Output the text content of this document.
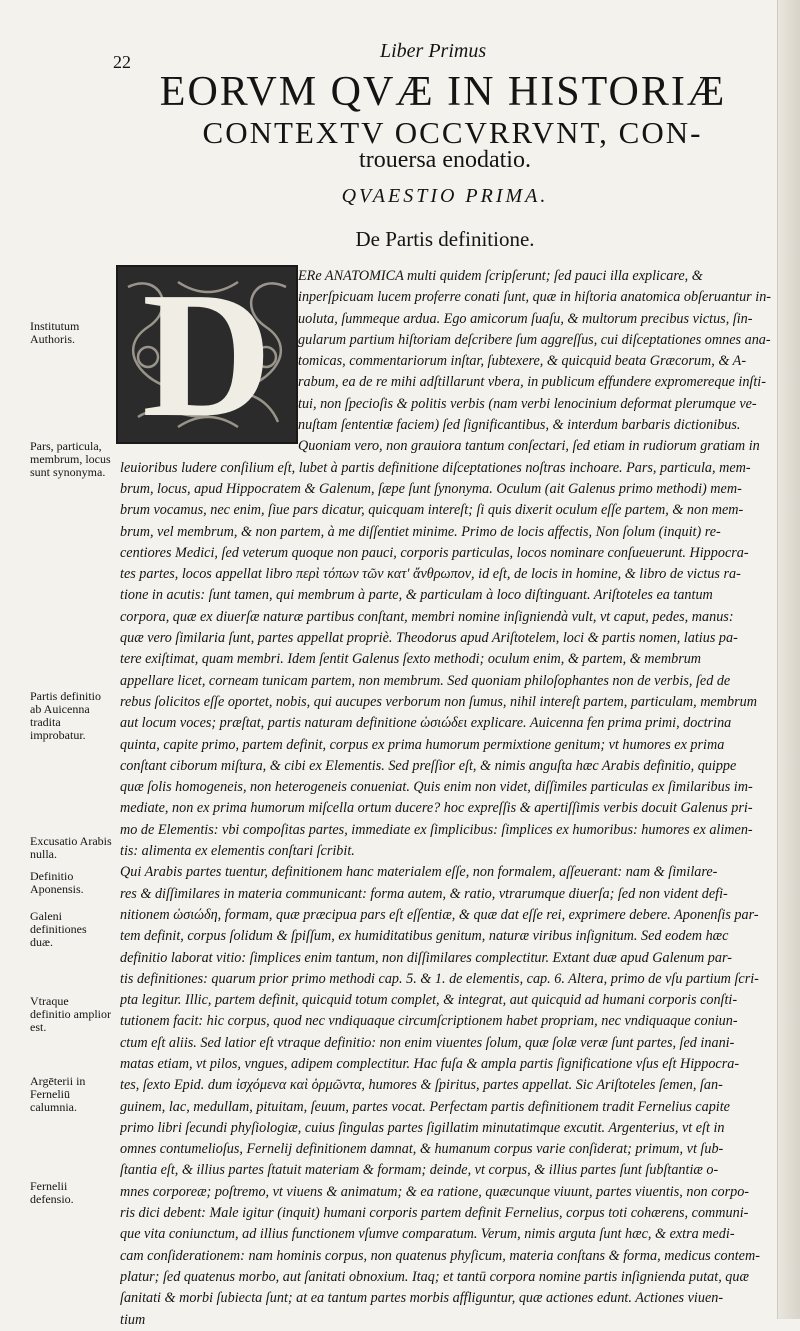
22	Liber Primus
EORVM QVÆ IN HISTORIÆ
CONTEXTV OCCVRRVNT, CON-
trouersa enodatio.
QVAESTIO PRIMA.
De Partis definitione.
D	ERe ANATOMICA multi quidem ſcripſerunt; ſed pauci illa explicare, &
inperſpicuam lucem proferre conati ſunt, quæ in hiſtoria anatomica obſeruantur in-
uoluta, ſummeque ardua. Ego amicorum ſuaſu, & multorum precibus victus, ſin-
gularum partium hiſtoriam deſcribere ſum aggreſſus, cui diſceptationes omnes ana-
tomicas, commentariorum inſtar, ſubtexere, & quicquid beata Græcorum, & A-
rabum, ea de re mihi adſtillarunt vbera, in publicum effundere expromereque inſti-
tui, non ſpecioſis & politis verbis (nam verbi lenocinium deformat plerumque ve-
nuſtam ſententiæ faciem) ſed ſignificantibus, & interdum barbaris dictionibus.
Quoniam vero, non grauiora tantum conſectari, ſed etiam in rudiorum gratiam in
leuioribus ludere conſilium eſt, lubet à partis definitione diſceptationes noſtras inchoare. Pars, particula, mem-
brum, locus, apud Hippocratem & Galenum, ſæpe ſunt ſynonyma. Oculum (ait Galenus primo methodi) mem-
brum vocamus, nec enim, ſiue pars dicatur, quicquam intereſt; ſi quis dixerit oculum eſſe partem, & non mem-
brum, vel membrum, & non partem, à me diſſentiet minime. Primo de locis affectis, Non ſolum (inquit) re-
centiores Medici, ſed veterum quoque non pauci, corporis particulas, locos nominare conſueuerunt. Hippocra-
tes partes, locos appellat libro περὶ τόπων τῶν κατ' ἄνθρωπον, id eſt, de locis in homine, & libro de victus ra-
tione in acutis: ſunt tamen, qui membrum à parte, & particulam à loco diſtinguant. Ariſtoteles ea tantum
corpora, quæ ex diuerſæ naturæ partibus conſtant, membri nomine inſigniendà vult, vt caput, pedes, manus:
quæ vero ſimilaria ſunt, partes appellat propriè. Theodorus apud Ariſtotelem, loci & partis nomen, latius pa-
tere exiſtimat, quam membri. Idem ſentit Galenus ſexto methodi; oculum enim, & partem, & membrum
appellare licet, corneam tunicam partem, non membrum. Sed quoniam philoſophantes non de verbis, ſed de
rebus ſolicitos eſſe oportet, nobis, qui aucupes verborum non ſumus, nihil intereſt partem, particulam, membrum
aut locum voces; præſtat, partis naturam definitione ὡσιώδει explicare. Auicenna fen prima primi, doctrina
quinta, capite primo, partem definit, corpus ex prima humorum permixtione genitum; vt humores ex prima
conſtant ciborum miſtura, & cibi ex Elementis. Sed preſſior eſt, & nimis anguſta hæc Arabis definitio, quippe
quæ ſolis homogeneis, non heterogeneis conueniat. Quis enim non videt, diſſimiles particulas ex ſimilaribus im-
mediate, non ex prima humorum miſcella ortum ducere? hoc expreſſis & apertiſſimis verbis docuit Galenus pri-
mo de Elementis: vbi compoſitas partes, immediate ex ſimplicibus: ſimplices ex humoribus: humores ex alimen-
tis: alimenta ex elementis conſtari ſcribit.
Qui Arabis partes tuentur, definitionem hanc materialem eſſe, non formalem, aſſeuerant: nam & ſimilare-
res & diſſimilares in materia communicant: forma autem, & ratio, vtrarumque diuerſa; ſed non vident defi-
nitionem ὡσιώδη, formam, quæ præcipua pars eſt eſſentiæ, & quæ dat eſſe rei, exprimere debere. Aponenſis par-
tem definit, corpus ſolidum & ſpiſſum, ex humiditatibus genitum, naturæ viribus inſignitum. Sed eodem hæc
definitio laborat vitio: ſimplices enim tantum, non diſſimilares complectitur. Extant duæ apud Galenum par-
tis definitiones: quarum prior primo methodi cap. 5. & 1. de elementis, cap. 6. Altera, primo de vſu partium ſcri-
pta legitur. Illic, partem definit, quicquid totum complet, & integrat, aut quicquid ad humani corporis conſti-
tutionem facit: hic corpus, quod nec vndiquaque circumſcriptionem habet propriam, nec vndiquaque coniun-
ctum eſt aliis. Sed latior eſt vtraque definitio: non enim viuentes ſolum, quæ ſolæ veræ ſunt partes, ſed inani-
matas etiam, vt pilos, vngues, adipem complectitur. Hac fuſa & ampla partis ſignificatione vſus eſt Hippocra-
tes, ſexto Epid. dum ἰσχόμενα καὶ ὁρμῶντα, humores & ſpiritus, partes appellat. Sic Ariſtoteles ſemen, ſan-
guinem, lac, medullam, pituitam, ſeuum, partes vocat. Perfectam partis definitionem tradit Fernelius capite
primo libri ſecundi phyſiologiæ, cuius ſingulas partes ſigillatim minutatimque excutit. Argenterius, vt eſt in
omnes contumelioſus, Fernelij definitionem damnat, & humanum corpus varie conſiderat; primum, vt ſub-
ſtantia eſt, & illius partes ſtatuit materiam & formam; deinde, vt corpus, & illius partes ſunt ſubſtantiæ o-
mnes corporeæ; poſtremo, vt viuens & animatum; & ea ratione, quæcunque viuunt, partes viuentis, non corpo-
ris dici debent: Male igitur (inquit) humani corporis partem definit Fernelius, corpus toti cohærens, communi-
que vita coniunctum, ad illius functionem vſumve comparatum. Verum, nimis arguta ſunt hæc, & extra medi-
cam conſiderationem: nam hominis corpus, non quatenus phyſicum, materia conſtans & forma, medicus contem-
platur; ſed quatenus morbo, aut ſanitati obnoxium. Itaq; et tantū corpora nomine partis inſignienda putat, quæ
ſanitati & morbi ſubiecta ſunt; at ea tantum partes morbis affliguntur, quæ actiones edunt. Actiones viuen-
tium
Institutum Authoris.
Pars, particula, membrum, locus sunt synonyma.
Partis definitio ab Auicenna tradita improbatur.
Excusatio Arabis nulla.
Definitio Aponensis.
Galeni definitiones duæ.
Vtraque definitio amplior est.
Argēterii in Ferneliū calumnia.
Fernelii defensio.
